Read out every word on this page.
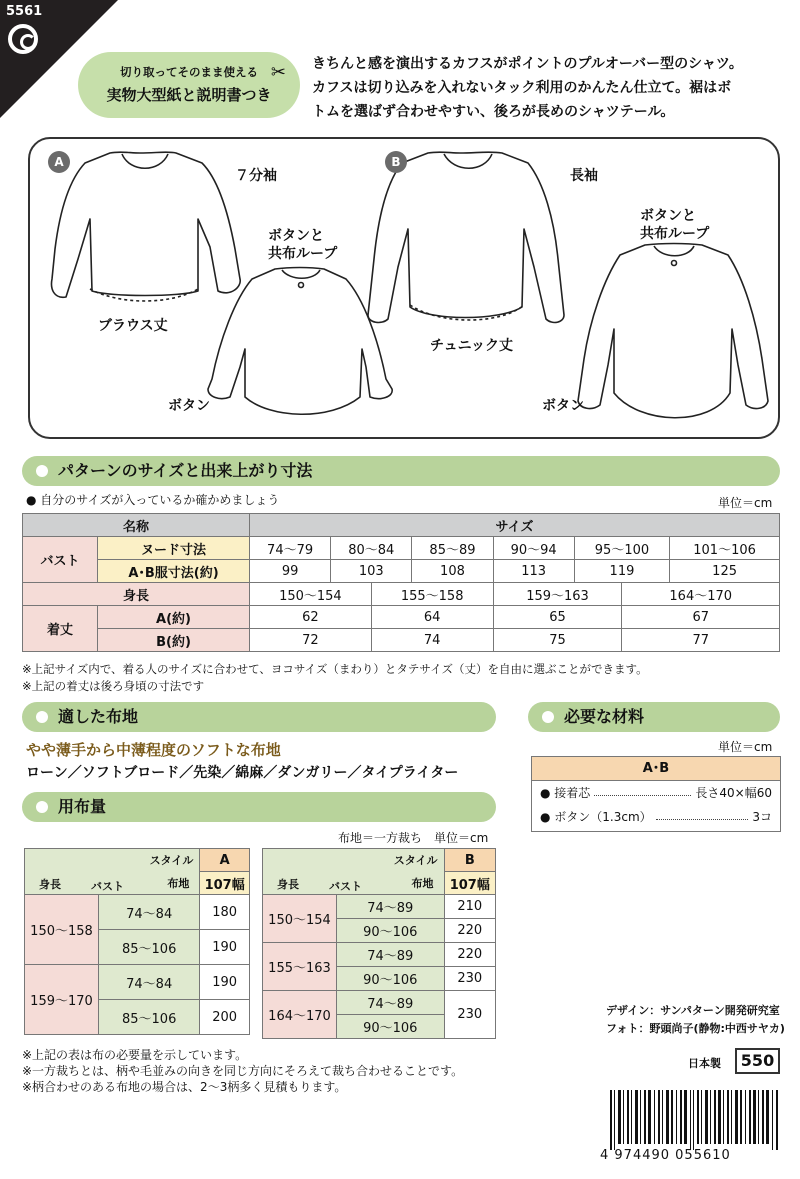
5561
切り取ってそのまま使える
実物大型紙と説明書つき
✂ きちんと感を演出するカフスがポイントのプルオーバー型のシャツ。
カフスは切り込みを入れないタック利用のかんたん仕立て。裾はボ
トムを選ばず合わせやすい、後ろが長めのシャツテール。
A	B
７分袖
ボタンと
共布ループ
ブラウス丈
ボタン
長袖
ボタンと
共布ループ
チュニック丈
ボタン
パターンのサイズと出来上がり寸法
● 自分のサイズが入っているか確かめましょう	単位＝cm
名称		サイズ							
バスト	ヌード寸法	74〜79	80〜84		85〜89	90〜94	95〜100		101〜106
	A･B服寸法(約)	99	103		108	113	119		125
身長		150〜154		155〜158		159〜163		164〜170	
着丈	A(約)	62		64		65		67	
	B(約)	72		74		75		77	
※上記サイズ内で、着る人のサイズに合わせて、ヨコサイズ（まわり）とタテサイズ（丈）を自由に選ぶことができます。
※上記の着丈は後ろ身頃の寸法です
適した布地
やや薄手から中薄程度のソフトな布地
ローン／ソフトブロード／先染／綿麻／ダンガリー／タイプライター
必要な材料
単位＝cm
A･B
● 接着芯	長さ40×幅60
● ボタン（1.3cm）	3コ
用布量
布地＝一方裁ち　単位＝cm
スタイル
布地
身長 バスト		A
		107幅
150〜158	74〜84	180
	85〜106	190
159〜170	74〜84	190
	85〜106	200
スタイル
布地
身長 バスト		B
		107幅
150〜154	74〜89	210
	90〜106	220
155〜163	74〜89	220
	90〜106	230
164〜170	74〜89	230
	90〜106	
※上記の表は布の必要量を示しています。
※一方裁ちとは、柄や毛並みの向きを同じ方向にそろえて裁ち合わせることです。
※柄合わせのある布地の場合は、2〜3柄多く見積もります。
デザイン：サンパターン開発研究室
フォト：野頭尚子(静物:中西サヤカ)
日本製	550
4 974490 055610
